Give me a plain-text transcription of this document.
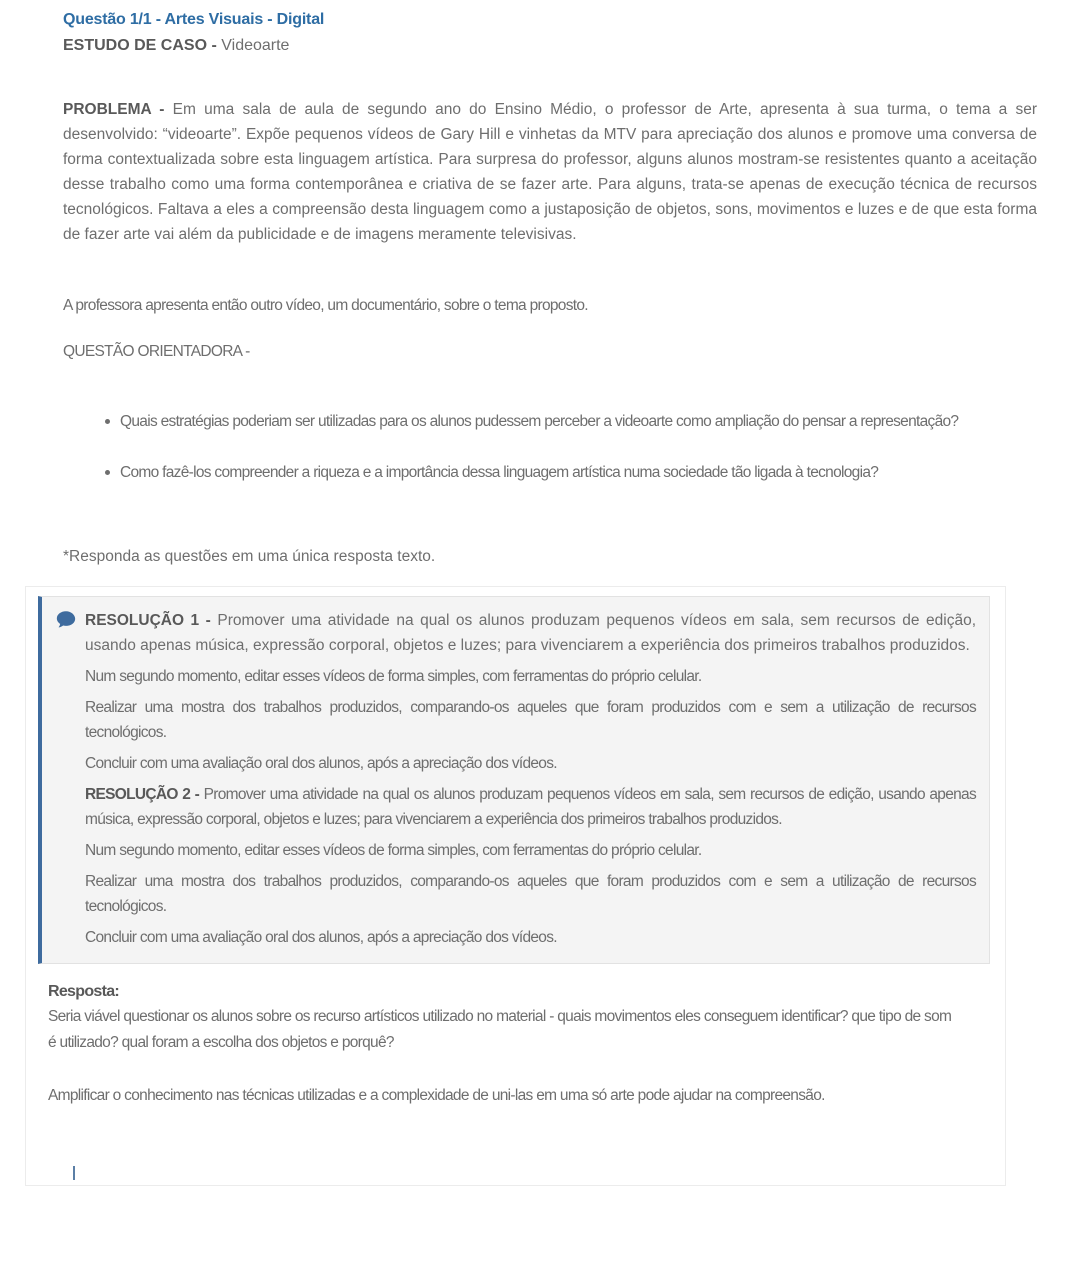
Questão 1/1 - Artes Visuais - Digital
ESTUDO DE CASO - Videoarte

PROBLEMA - Em uma sala de aula de segundo ano do Ensino Médio, o professor de Arte, apresenta à sua turma, o tema a ser desenvolvido: “videoarte”. Expõe pequenos vídeos de Gary Hill e vinhetas da MTV para apreciação dos alunos e promove uma conversa de forma contextualizada sobre esta linguagem artística. Para surpresa do professor, alguns alunos mostram-se resistentes quanto a aceitação desse trabalho como uma forma contemporânea e criativa de se fazer arte. Para alguns, trata-se apenas de execução técnica de recursos tecnológicos. Faltava a eles a compreensão desta linguagem como a justaposição de objetos, sons, movimentos e luzes e de que esta forma de fazer arte vai além da publicidade e de imagens meramente televisivas.

A professora apresenta então outro vídeo, um documentário, sobre o tema proposto.

QUESTÃO ORIENTADORA -

Quais estratégias poderiam ser utilizadas para os alunos pudessem perceber a videoarte como ampliação do pensar a representação?
Como fazê-los compreender a riqueza e a importância dessa linguagem artística numa sociedade tão ligada à tecnologia?

*Responda as questões em uma única resposta texto.

RESOLUÇÃO 1 - Promover uma atividade na qual os alunos produzam pequenos vídeos em sala, sem recursos de edição, usando apenas música, expressão corporal, objetos e luzes; para vivenciarem a experiência dos primeiros trabalhos produzidos.

Num segundo momento, editar esses vídeos de forma simples, com ferramentas do próprio celular.

Realizar uma mostra dos trabalhos produzidos, comparando-os aqueles que foram produzidos com e sem a utilização de recursos tecnológicos.

Concluir com uma avaliação oral dos alunos, após a apreciação dos vídeos.

RESOLUÇÃO 2 - Promover uma atividade na qual os alunos produzam pequenos vídeos em sala, sem recursos de edição, usando apenas música, expressão corporal, objetos e luzes; para vivenciarem a experiência dos primeiros trabalhos produzidos.

Num segundo momento, editar esses vídeos de forma simples, com ferramentas do próprio celular.

Realizar uma mostra dos trabalhos produzidos, comparando-os aqueles que foram produzidos com e sem a utilização de recursos tecnológicos.

Concluir com uma avaliação oral dos alunos, após a apreciação dos vídeos.

Resposta:

Seria viável questionar os alunos sobre os recurso artísticos utilizado no material - quais movimentos eles conseguem identificar? que tipo de som é utilizado? qual foram a escolha dos objetos e porquê?

Amplificar o conhecimento nas técnicas utilizadas e a complexidade de uni-las em uma só arte pode ajudar na compreensão.
